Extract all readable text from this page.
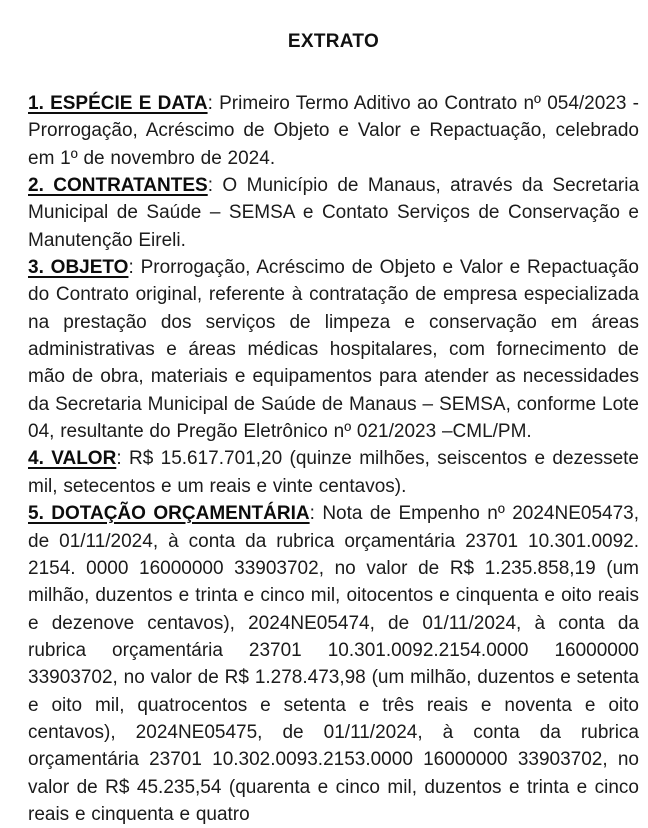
EXTRATO

1. ESPÉCIE E DATA: Primeiro Termo Aditivo ao Contrato nº 054/2023 - Prorrogação, Acréscimo de Objeto e Valor e Repactuação, celebrado em 1º de novembro de 2024.

2. CONTRATANTES: O Município de Manaus, através da Secretaria Municipal de Saúde – SEMSA e Contato Serviços de Conservação e Manutenção Eireli.

3. OBJETO: Prorrogação, Acréscimo de Objeto e Valor e Repactuação do Contrato original, referente à contratação de empresa especializada na prestação dos serviços de limpeza e conservação em áreas administrativas e áreas médicas hospitalares, com fornecimento de mão de obra, materiais e equipamentos para atender as necessidades da Secretaria Municipal de Saúde de Manaus – SEMSA, conforme Lote 04, resultante do Pregão Eletrônico nº 021/2023 –CML/PM.

4. VALOR: R$ 15.617.701,20 (quinze milhões, seiscentos e dezessete mil, setecentos e um reais e vinte centavos).

5. DOTAÇÃO ORÇAMENTÁRIA: Nota de Empenho nº 2024NE05473, de 01/11/2024, à conta da rubrica orçamentária 23701 10.301.0092. 2154. 0000 16000000 33903702, no valor de R$ 1.235.858,19 (um milhão, duzentos e trinta e cinco mil, oitocentos e cinquenta e oito reais e dezenove centavos), 2024NE05474, de 01/11/2024, à conta da rubrica orçamentária 23701 10.301.0092.2154.0000 16000000 33903702, no valor de R$ 1.278.473,98 (um milhão, duzentos e setenta e oito mil, quatrocentos e setenta e três reais e noventa e oito centavos), 2024NE05475, de 01/11/2024, à conta da rubrica orçamentária 23701 10.302.0093.2153.0000 16000000 33903702, no valor de R$ 45.235,54 (quarenta e cinco mil, duzentos e trinta e cinco reais e cinquenta e quatro
